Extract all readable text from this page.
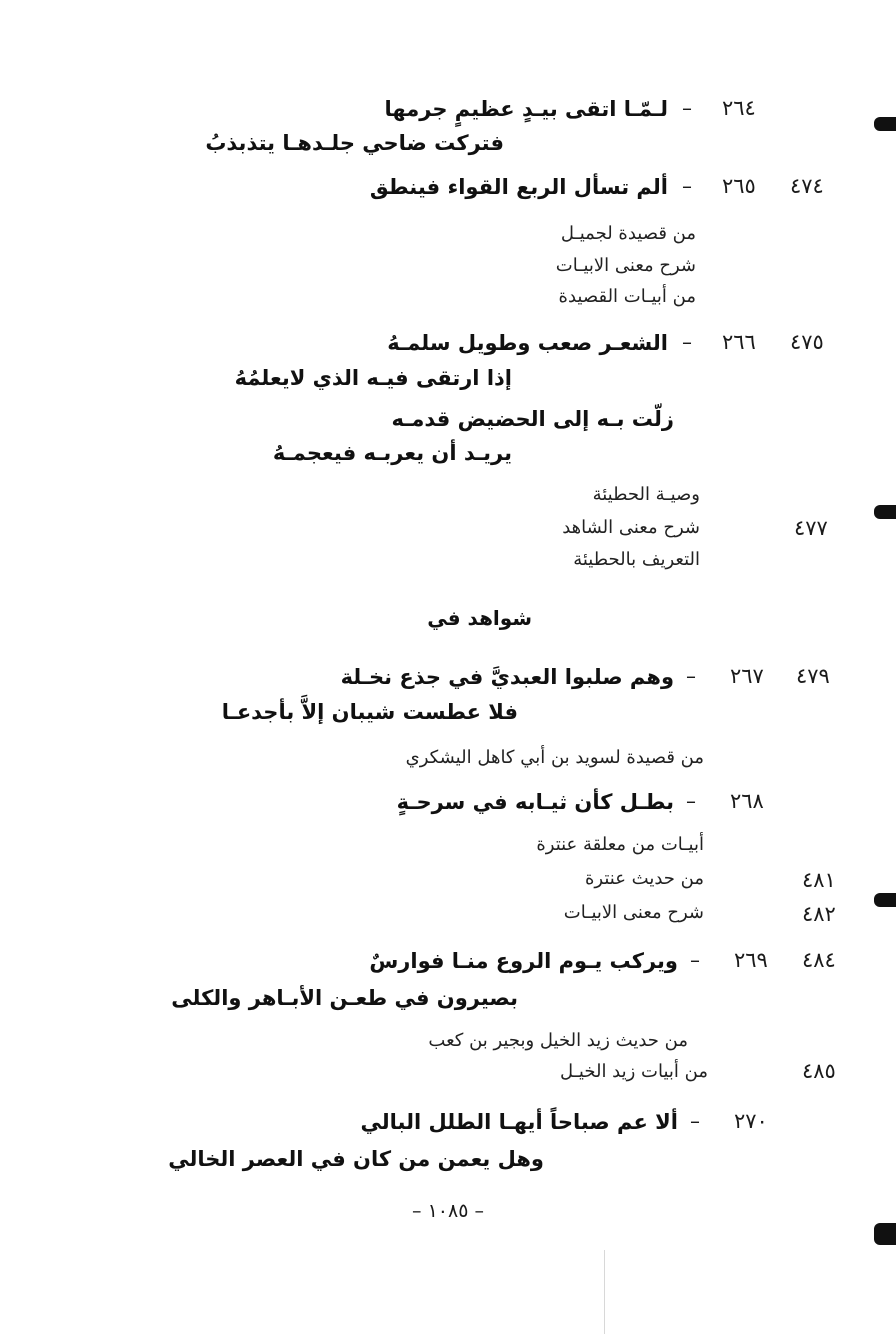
٢٦٤
–
لـمّـا اتقى بيـدٍ عظيمٍ جرمها
فتركت ضاحي جلـدهـا يتذبذبُ
٤٧٤
٢٦٥
–
ألم تسأل الربع القواء فينطق
من قصيدة لجميـل
شرح معنى الابيـات
من أبيـات القصيدة
٤٧٥
٢٦٦
–
الشعـر صعب وطويل سلمـهُ
إذا ارتقى فيـه الذي لايعلمُهُ
زلّت بـه إلى الحضيض قدمـه
يريـد أن يعربـه فيعجمـهُ
وصيـة الحطيئة
٤٧٧
شرح معنى الشاهد
التعريف بالحطيئة
شواهد في
٤٧٩
٢٦٧
–
وهم صلبوا العبديَّ في جذع نخـلة
فلا عطست شيبان إلاَّ بأجدعـا
من قصيدة لسويد بن أبي كاهل اليشكري
٢٦٨
–
بطـل كأن ثيـابه في سرحـةٍ
أبيـات من معلقة عنترة
٤٨١
من حديث عنترة
٤٨٢
شرح معنى الابيـات
٤٨٤
٢٦٩
–
ويركب يـوم الروع منـا فوارسٌ
بصيرون في طعـن الأبـاهر والكلى
من حديث زيد الخيل وبجير بن كعب
٤٨٥
من أبيات زيد الخيـل
٢٧٠
–
ألا عم صباحاً أيهـا الطلل البالي
وهل يعمن من كان في العصر الخالي
– ١٠٨٥ –
